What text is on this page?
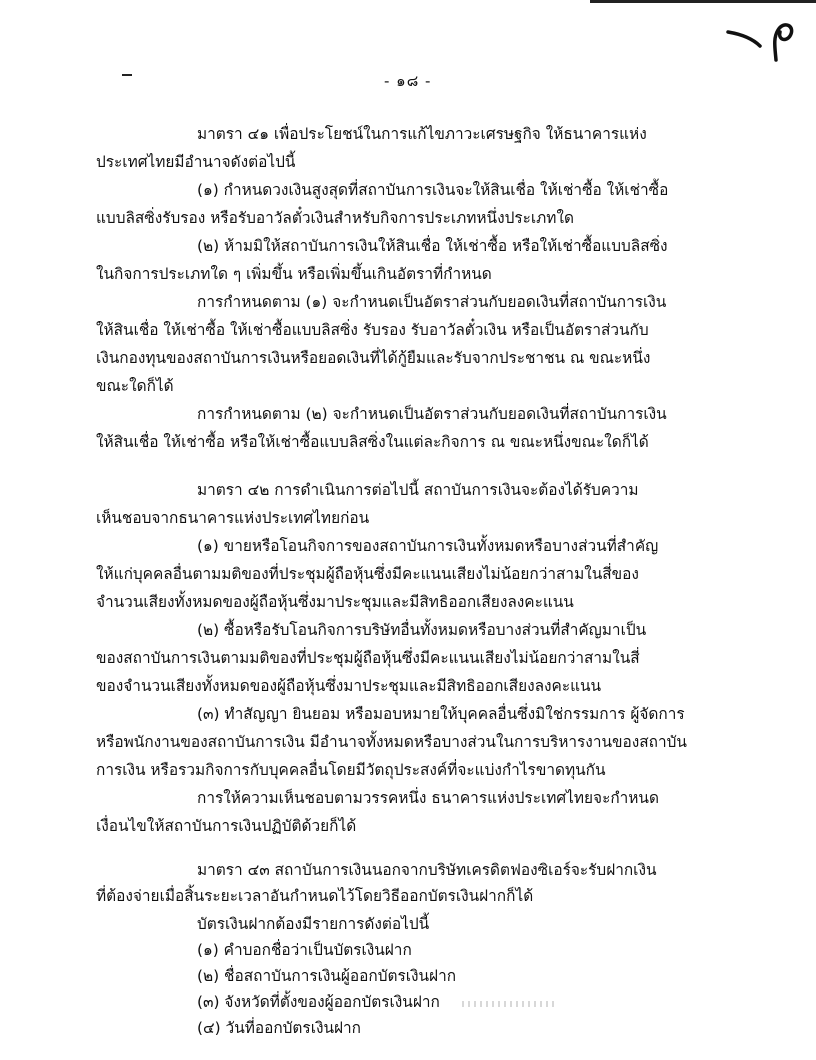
- ๑๘ -
มาตรา ๔๑ เพื่อประโยชน์ในการแก้ไขภาวะเศรษฐกิจ ให้ธนาคารแห่ง
ประเทศไทยมีอำนาจดังต่อไปนี้
(๑) กำหนดวงเงินสูงสุดที่สถาบันการเงินจะให้สินเชื่อ ให้เช่าซื้อ ให้เช่าซื้อ
แบบลิสซิ่งรับรอง หรือรับอาวัลตั๋วเงินสำหรับกิจการประเภทหนึ่งประเภทใด
(๒) ห้ามมิให้สถาบันการเงินให้สินเชื่อ ให้เช่าซื้อ หรือให้เช่าซื้อแบบลิสซิ่ง
ในกิจการประเภทใด ๆ เพิ่มขึ้น หรือเพิ่มขึ้นเกินอัตราที่กำหนด
การกำหนดตาม (๑) จะกำหนดเป็นอัตราส่วนกับยอดเงินที่สถาบันการเงิน
ให้สินเชื่อ ให้เช่าซื้อ ให้เช่าซื้อแบบลิสซิ่ง รับรอง รับอาวัลตั๋วเงิน หรือเป็นอัตราส่วนกับ
เงินกองทุนของสถาบันการเงินหรือยอดเงินที่ได้กู้ยืมและรับจากประชาชน ณ ขณะหนึ่ง
ขณะใดก็ได้
การกำหนดตาม (๒) จะกำหนดเป็นอัตราส่วนกับยอดเงินที่สถาบันการเงิน
ให้สินเชื่อ ให้เช่าซื้อ หรือให้เช่าซื้อแบบลิสซิ่งในแต่ละกิจการ ณ ขณะหนึ่งขณะใดก็ได้
มาตรา ๔๒ การดำเนินการต่อไปนี้ สถาบันการเงินจะต้องได้รับความ
เห็นชอบจากธนาคารแห่งประเทศไทยก่อน
(๑) ขายหรือโอนกิจการของสถาบันการเงินทั้งหมดหรือบางส่วนที่สำคัญ
ให้แก่บุคคลอื่นตามมติของที่ประชุมผู้ถือหุ้นซึ่งมีคะแนนเสียงไม่น้อยกว่าสามในสี่ของ
จำนวนเสียงทั้งหมดของผู้ถือหุ้นซึ่งมาประชุมและมีสิทธิออกเสียงลงคะแนน
(๒) ซื้อหรือรับโอนกิจการบริษัทอื่นทั้งหมดหรือบางส่วนที่สำคัญมาเป็น
ของสถาบันการเงินตามมติของที่ประชุมผู้ถือหุ้นซึ่งมีคะแนนเสียงไม่น้อยกว่าสามในสี่
ของจำนวนเสียงทั้งหมดของผู้ถือหุ้นซึ่งมาประชุมและมีสิทธิออกเสียงลงคะแนน
(๓) ทำสัญญา ยินยอม หรือมอบหมายให้บุคคลอื่นซึ่งมิใช่กรรมการ ผู้จัดการ
หรือพนักงานของสถาบันการเงิน มีอำนาจทั้งหมดหรือบางส่วนในการบริหารงานของสถาบัน
การเงิน หรือรวมกิจการกับบุคคลอื่นโดยมีวัตถุประสงค์ที่จะแบ่งกำไรขาดทุนกัน
การให้ความเห็นชอบตามวรรคหนึ่ง ธนาคารแห่งประเทศไทยจะกำหนด
เงื่อนไขให้สถาบันการเงินปฏิบัติด้วยก็ได้
มาตรา ๔๓ สถาบันการเงินนอกจากบริษัทเครดิตฟองซิเอร์จะรับฝากเงิน
ที่ต้องจ่ายเมื่อสิ้นระยะเวลาอันกำหนดไว้โดยวิธีออกบัตรเงินฝากก็ได้
บัตรเงินฝากต้องมีรายการดังต่อไปนี้
(๑) คำบอกชื่อว่าเป็นบัตรเงินฝาก
(๒) ชื่อสถาบันการเงินผู้ออกบัตรเงินฝาก
(๓) จังหวัดที่ตั้งของผู้ออกบัตรเงินฝาก
(๔) วันที่ออกบัตรเงินฝาก
